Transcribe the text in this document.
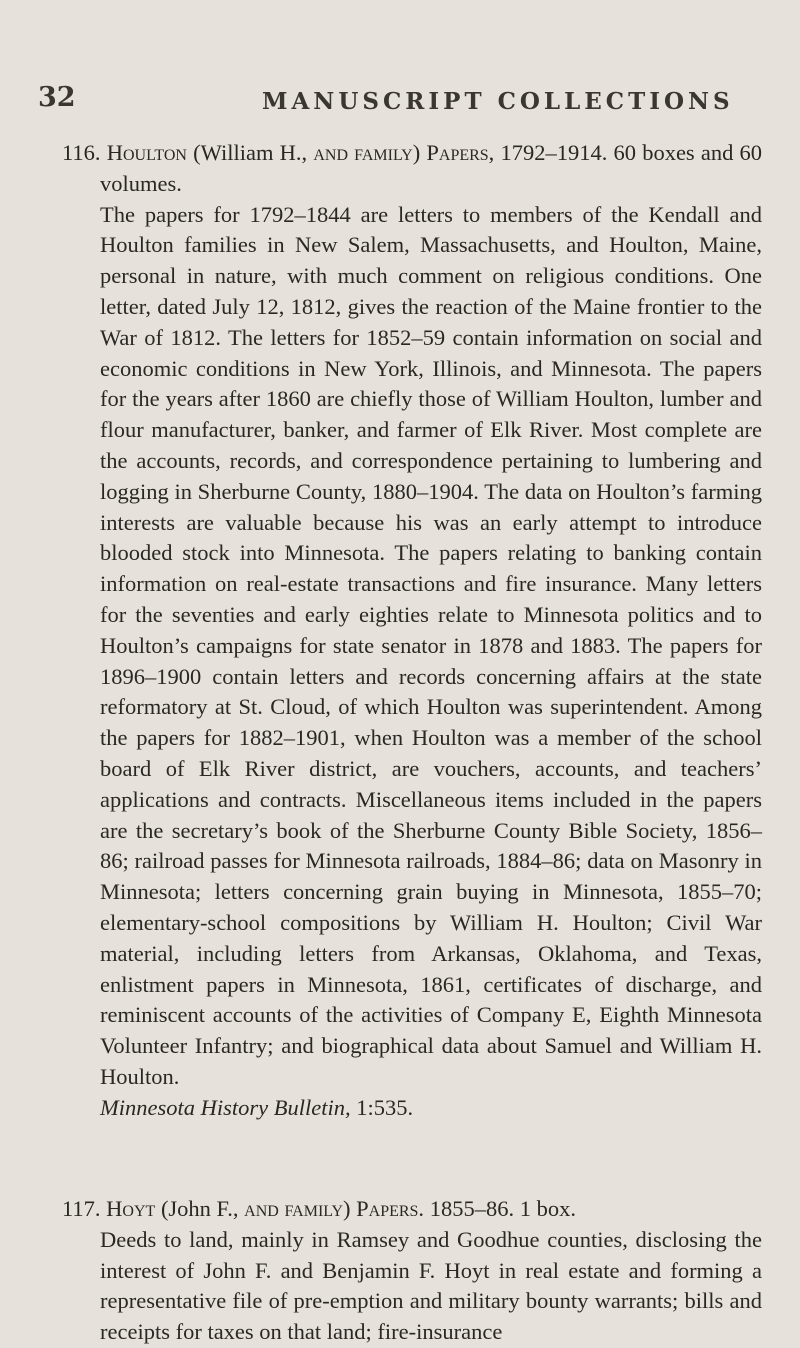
32	MANUSCRIPT COLLECTIONS

116. Houlton (William H., and family) Papers, 1792–1914. 60 boxes and 60 volumes.

The papers for 1792–1844 are letters to members of the Kendall and Houlton families in New Salem, Massachusetts, and Houlton, Maine, personal in nature, with much comment on religious conditions. One letter, dated July 12, 1812, gives the reaction of the Maine frontier to the War of 1812. The letters for 1852–59 contain information on social and economic conditions in New York, Illinois, and Minnesota. The papers for the years after 1860 are chiefly those of William Houlton, lumber and flour manufacturer, banker, and farmer of Elk River. Most complete are the accounts, records, and correspondence pertaining to lumbering and logging in Sherburne County, 1880–1904. The data on Houlton’s farming interests are valuable because his was an early attempt to introduce blooded stock into Minnesota. The papers relating to banking contain information on real-estate transactions and fire insurance. Many letters for the seventies and early eighties relate to Minnesota politics and to Houlton’s campaigns for state senator in 1878 and 1883. The papers for 1896–1900 contain letters and records concerning affairs at the state reformatory at St. Cloud, of which Houlton was superintendent. Among the papers for 1882–1901, when Houlton was a member of the school board of Elk River district, are vouchers, accounts, and teachers’ applications and contracts. Miscellaneous items included in the papers are the secretary’s book of the Sherburne County Bible Society, 1856–86; railroad passes for Minnesota railroads, 1884–86; data on Masonry in Minnesota; letters concerning grain buying in Minnesota, 1855–70; elementary-school compositions by William H. Houlton; Civil War material, including letters from Arkansas, Oklahoma, and Texas, enlistment papers in Minnesota, 1861, certificates of discharge, and reminiscent accounts of the activities of Company E, Eighth Minnesota Volunteer Infantry; and biographical data about Samuel and William H. Houlton.

Minnesota History Bulletin, 1:535.

117. Hoyt (John F., and family) Papers. 1855–86. 1 box.

Deeds to land, mainly in Ramsey and Goodhue counties, disclosing the interest of John F. and Benjamin F. Hoyt in real estate and forming a representative file of pre-emption and military bounty warrants; bills and receipts for taxes on that land; fire-insurance
